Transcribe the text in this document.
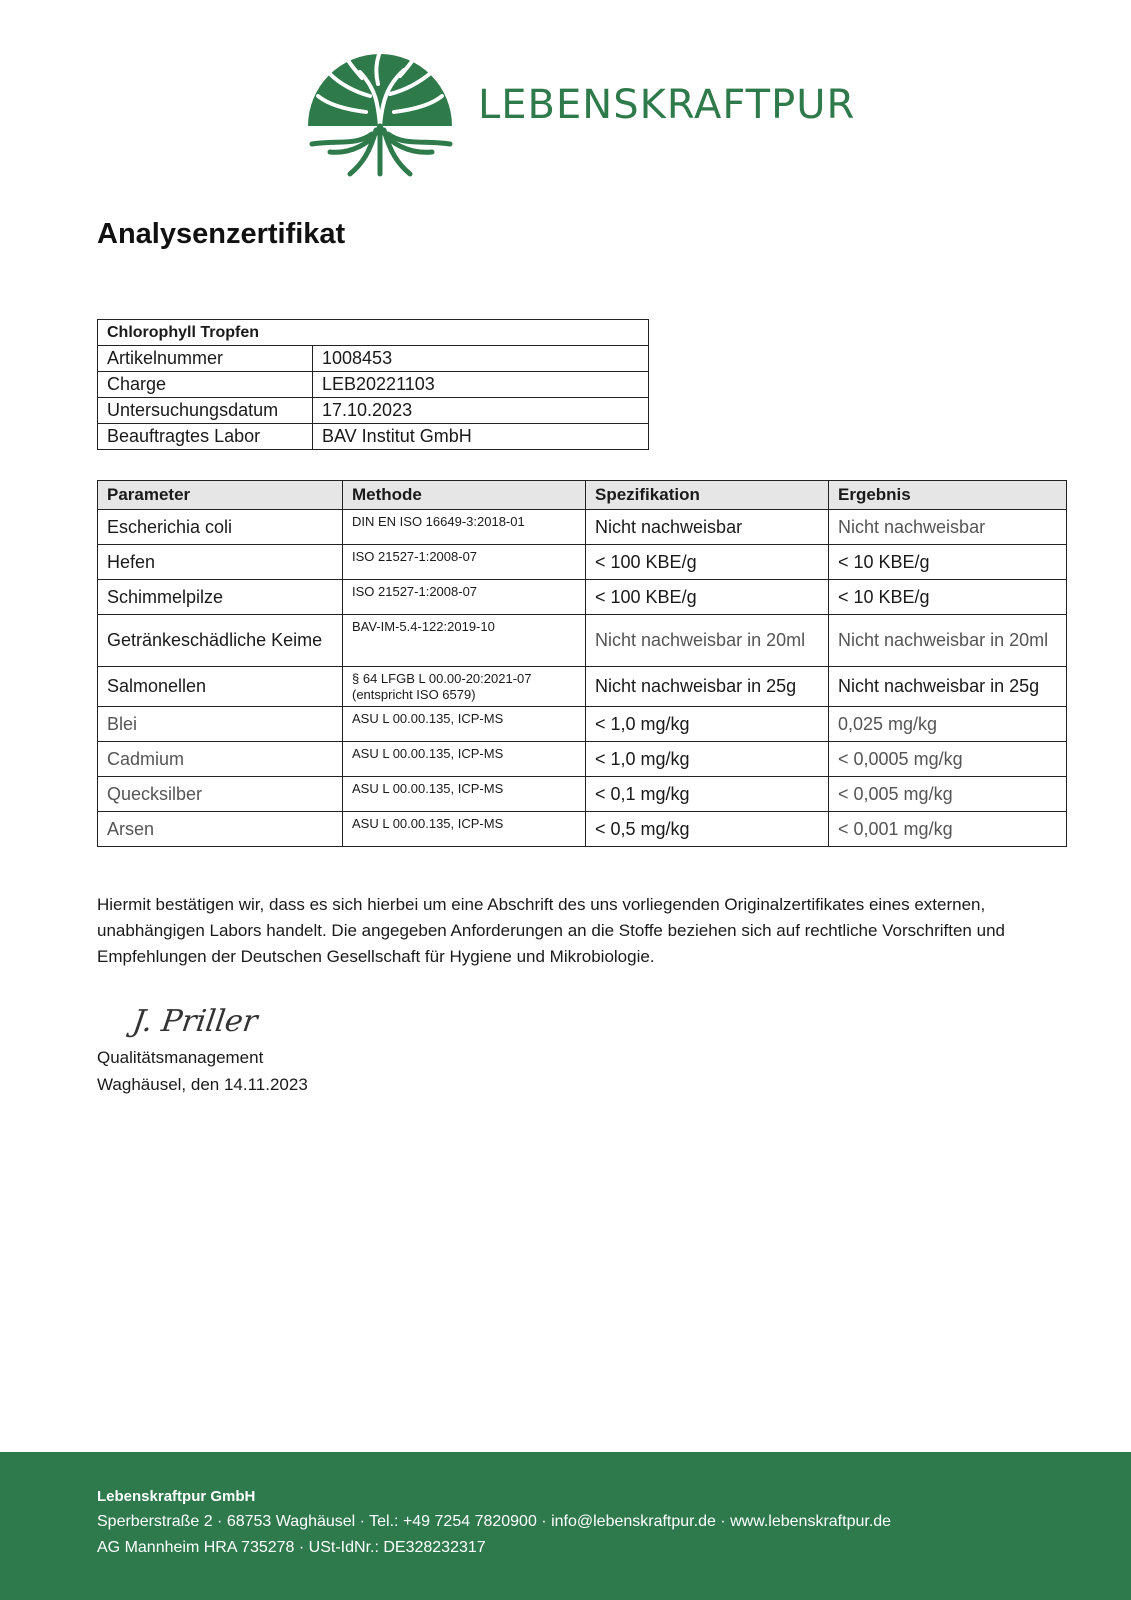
LEBENSKRAFTPUR
Analysenzertifikat
Chlorophyll Tropfen	
Artikelnummer	1008453
Charge	LEB20221103
Untersuchungsdatum	17.10.2023
Beauftragtes Labor	BAV Institut GmbH
Parameter	Methode	Spezifikation	Ergebnis
Escherichia coli	DIN EN ISO 16649-3:2018-01	Nicht nachweisbar	Nicht nachweisbar
Hefen	ISO 21527-1:2008-07	< 100 KBE/g	< 10 KBE/g
Schimmelpilze	ISO 21527-1:2008-07	< 100 KBE/g	< 10 KBE/g
Getränkeschädliche Keime	BAV-IM-5.4-122:2019-10	Nicht nachweisbar in 20ml	Nicht nachweisbar in 20ml
Salmonellen	§ 64 LFGB L 00.00-20:2021-07 (entspricht ISO 6579)	Nicht nachweisbar in 25g	Nicht nachweisbar in 25g
Blei	ASU L 00.00.135, ICP-MS	< 1,0 mg/kg	0,025 mg/kg
Cadmium	ASU L 00.00.135, ICP-MS	< 1,0 mg/kg	< 0,0005 mg/kg
Quecksilber	ASU L 00.00.135, ICP-MS	< 0,1 mg/kg	< 0,005 mg/kg
Arsen	ASU L 00.00.135, ICP-MS	< 0,5 mg/kg	< 0,001 mg/kg

Hiermit bestätigen wir, dass es sich hierbei um eine Abschrift des uns vorliegenden Originalzertifikates eines externen, unabhängigen Labors handelt. Die angegeben Anforderungen an die Stoffe beziehen sich auf rechtliche Vorschriften und Empfehlungen der Deutschen Gesellschaft für Hygiene und Mikrobiologie.

J. Priller
Qualitätsmanagement
Waghäusel, den 14.11.2023
Lebenskraftpur GmbH
Sperberstraße 2 · 68753 Waghäusel · Tel.: +49 7254 7820900 · info@lebenskraftpur.de · www.lebenskraftpur.de
AG Mannheim HRA 735278 · USt-IdNr.: DE328232317
